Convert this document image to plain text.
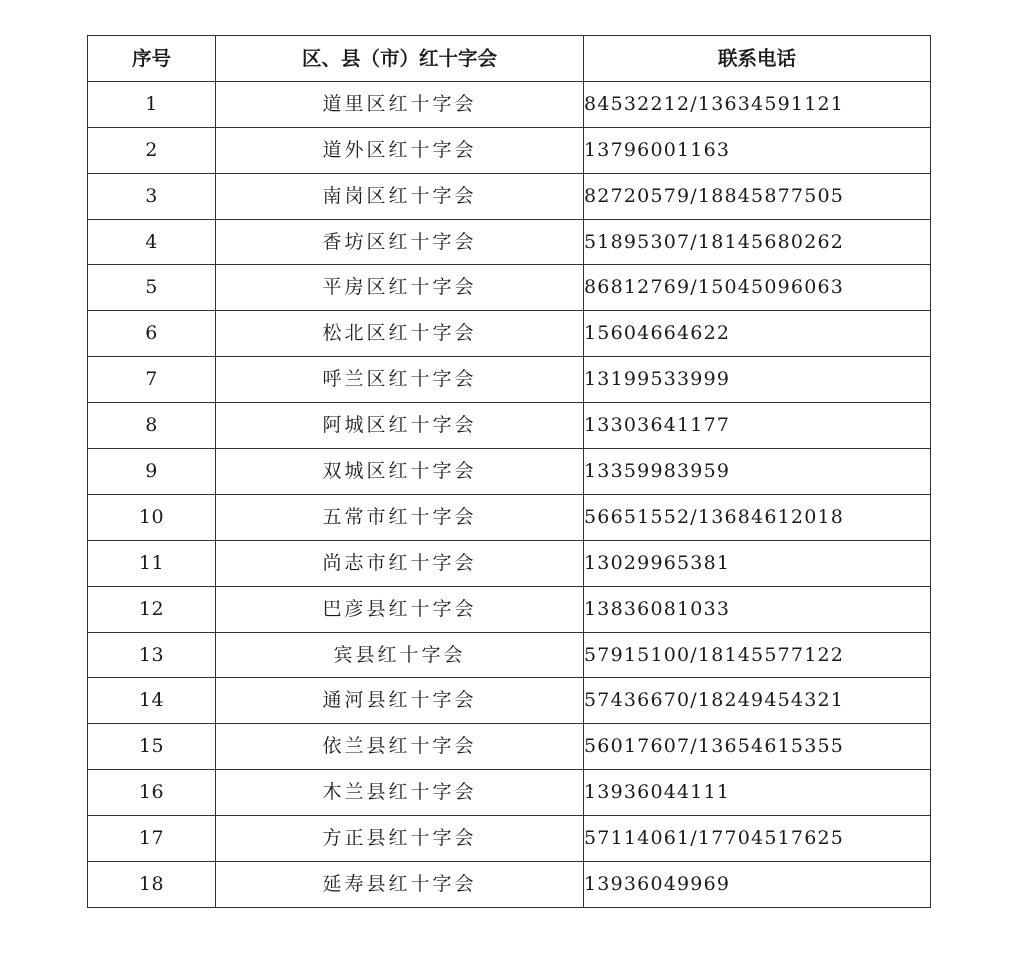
序号	区、县（市）红十字会	联系电话
1	道里区红十字会	84532212/13634591121
2	道外区红十字会	13796001163
3	南岗区红十字会	82720579/18845877505
4	香坊区红十字会	51895307/18145680262
5	平房区红十字会	86812769/15045096063
6	松北区红十字会	15604664622
7	呼兰区红十字会	13199533999
8	阿城区红十字会	13303641177
9	双城区红十字会	13359983959
10	五常市红十字会	56651552/13684612018
11	尚志市红十字会	13029965381
12	巴彦县红十字会	13836081033
13	宾县红十字会	57915100/18145577122
14	通河县红十字会	57436670/18249454321
15	依兰县红十字会	56017607/13654615355
16	木兰县红十字会	13936044111
17	方正县红十字会	57114061/17704517625
18	延寿县红十字会	13936049969
